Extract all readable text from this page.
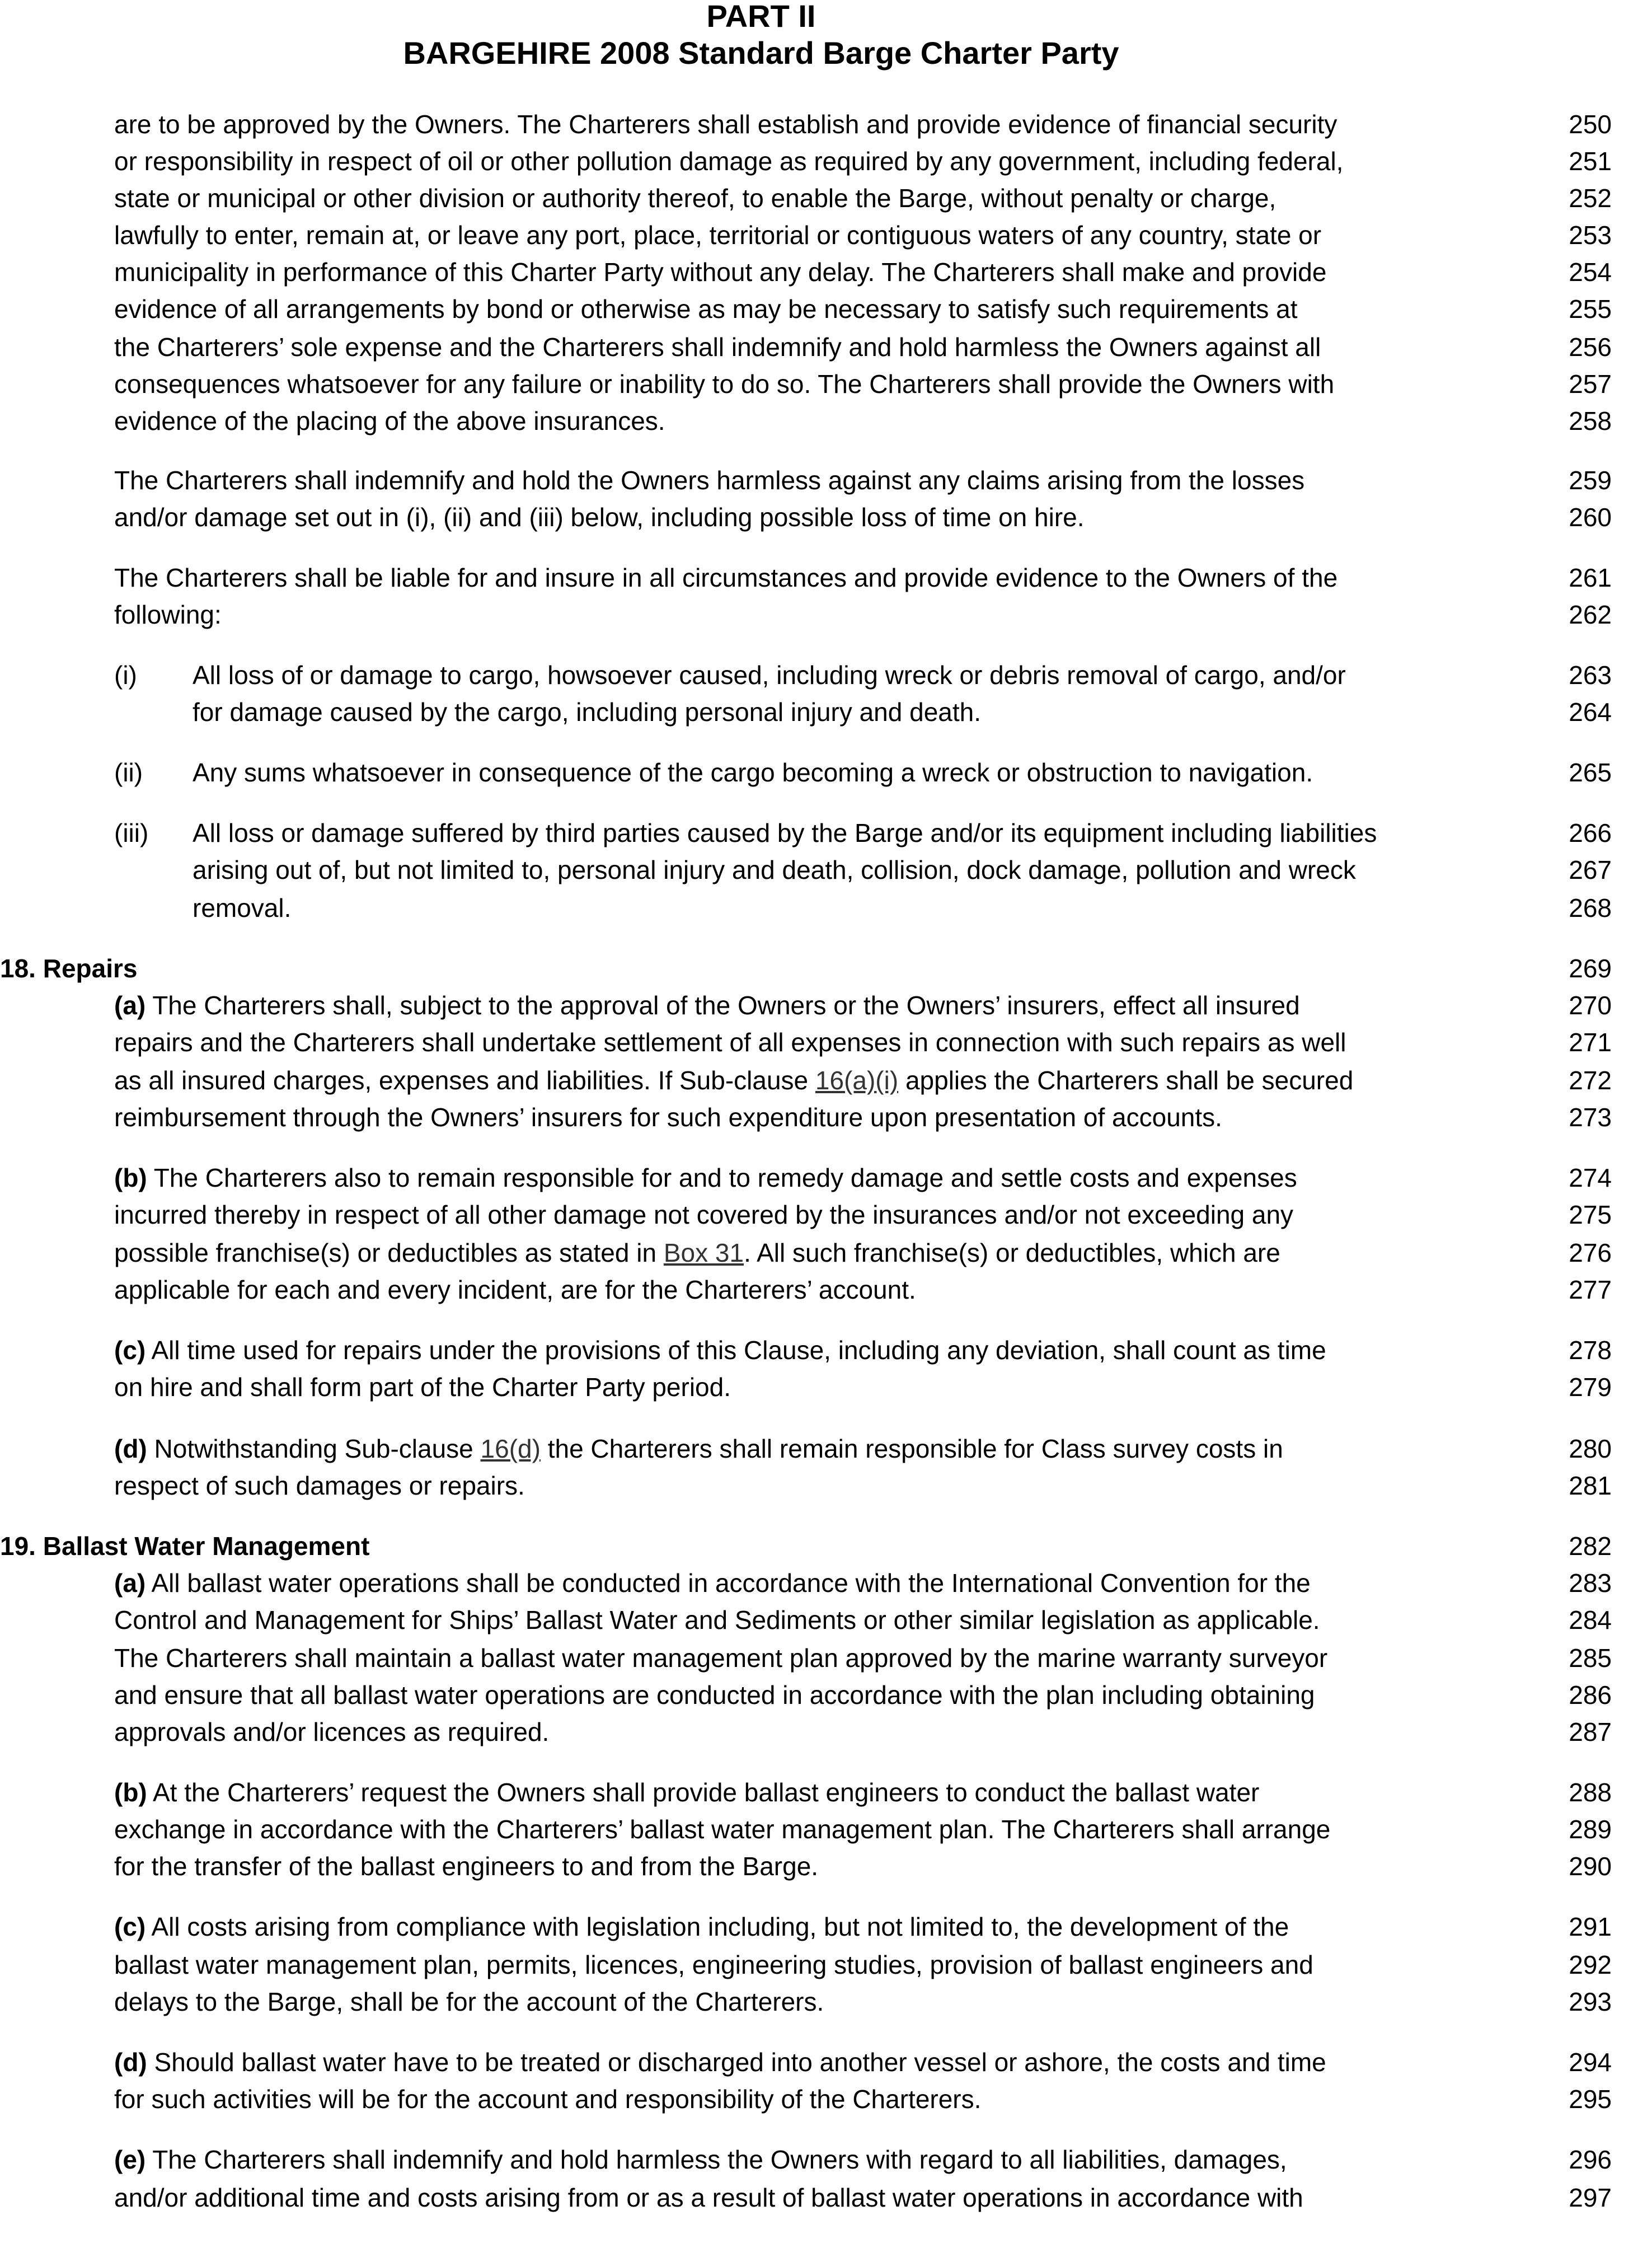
PART II
BARGEHIRE 2008 Standard Barge Charter Party
are to be approved by the Owners. The Charterers shall establish and provide evidence of financial security	250
or responsibility in respect of oil or other pollution damage as required by any government, including federal,	251
state or municipal or other division or authority thereof, to enable the Barge, without penalty or charge,	252
lawfully to enter, remain at, or leave any port, place, territorial or contiguous waters of any country, state or	253
municipality in performance of this Charter Party without any delay. The Charterers shall make and provide	254
evidence of all arrangements by bond or otherwise as may be necessary to satisfy such requirements at	255
the Charterers’ sole expense and the Charterers shall indemnify and hold harmless the Owners against all	256
consequences whatsoever for any failure or inability to do so. The Charterers shall provide the Owners with	257
evidence of the placing of the above insurances.	258
The Charterers shall indemnify and hold the Owners harmless against any claims arising from the losses	259
and/or damage set out in (i), (ii) and (iii) below, including possible loss of time on hire.	260
The Charterers shall be liable for and insure in all circumstances and provide evidence to the Owners of the	261
following:	262
(i) All loss of or damage to cargo, howsoever caused, including wreck or debris removal of cargo, and/or	263
for damage caused by the cargo, including personal injury and death.	264
(ii) Any sums whatsoever in consequence of the cargo becoming a wreck or obstruction to navigation.	265
(iii) All loss or damage suffered by third parties caused by the Barge and/or its equipment including liabilities	266
arising out of, but not limited to, personal injury and death, collision, dock damage, pollution and wreck	267
removal.	268
18. Repairs	269
(a) The Charterers shall, subject to the approval of the Owners or the Owners’ insurers, effect all insured	270
repairs and the Charterers shall undertake settlement of all expenses in connection with such repairs as well	271
as all insured charges, expenses and liabilities. If Sub-clause 16(a)(i) applies the Charterers shall be secured	272
reimbursement through the Owners’ insurers for such expenditure upon presentation of accounts.	273
(b) The Charterers also to remain responsible for and to remedy damage and settle costs and expenses	274
incurred thereby in respect of all other damage not covered by the insurances and/or not exceeding any	275
possible franchise(s) or deductibles as stated in Box 31. All such franchise(s) or deductibles, which are	276
applicable for each and every incident, are for the Charterers’ account.	277
(c) All time used for repairs under the provisions of this Clause, including any deviation, shall count as time	278
on hire and shall form part of the Charter Party period.	279
(d) Notwithstanding Sub-clause 16(d) the Charterers shall remain responsible for Class survey costs in	280
respect of such damages or repairs.	281
19. Ballast Water Management	282
(a) All ballast water operations shall be conducted in accordance with the International Convention for the	283
Control and Management for Ships’ Ballast Water and Sediments or other similar legislation as applicable.	284
The Charterers shall maintain a ballast water management plan approved by the marine warranty surveyor	285
and ensure that all ballast water operations are conducted in accordance with the plan including obtaining	286
approvals and/or licences as required.	287
(b) At the Charterers’ request the Owners shall provide ballast engineers to conduct the ballast water	288
exchange in accordance with the Charterers’ ballast water management plan. The Charterers shall arrange	289
for the transfer of the ballast engineers to and from the Barge.	290
(c) All costs arising from compliance with legislation including, but not limited to, the development of the	291
ballast water management plan, permits, licences, engineering studies, provision of ballast engineers and	292
delays to the Barge, shall be for the account of the Charterers.	293
(d) Should ballast water have to be treated or discharged into another vessel or ashore, the costs and time	294
for such activities will be for the account and responsibility of the Charterers.	295
(e) The Charterers shall indemnify and hold harmless the Owners with regard to all liabilities, damages,	296
and/or additional time and costs arising from or as a result of ballast water operations in accordance with	297
